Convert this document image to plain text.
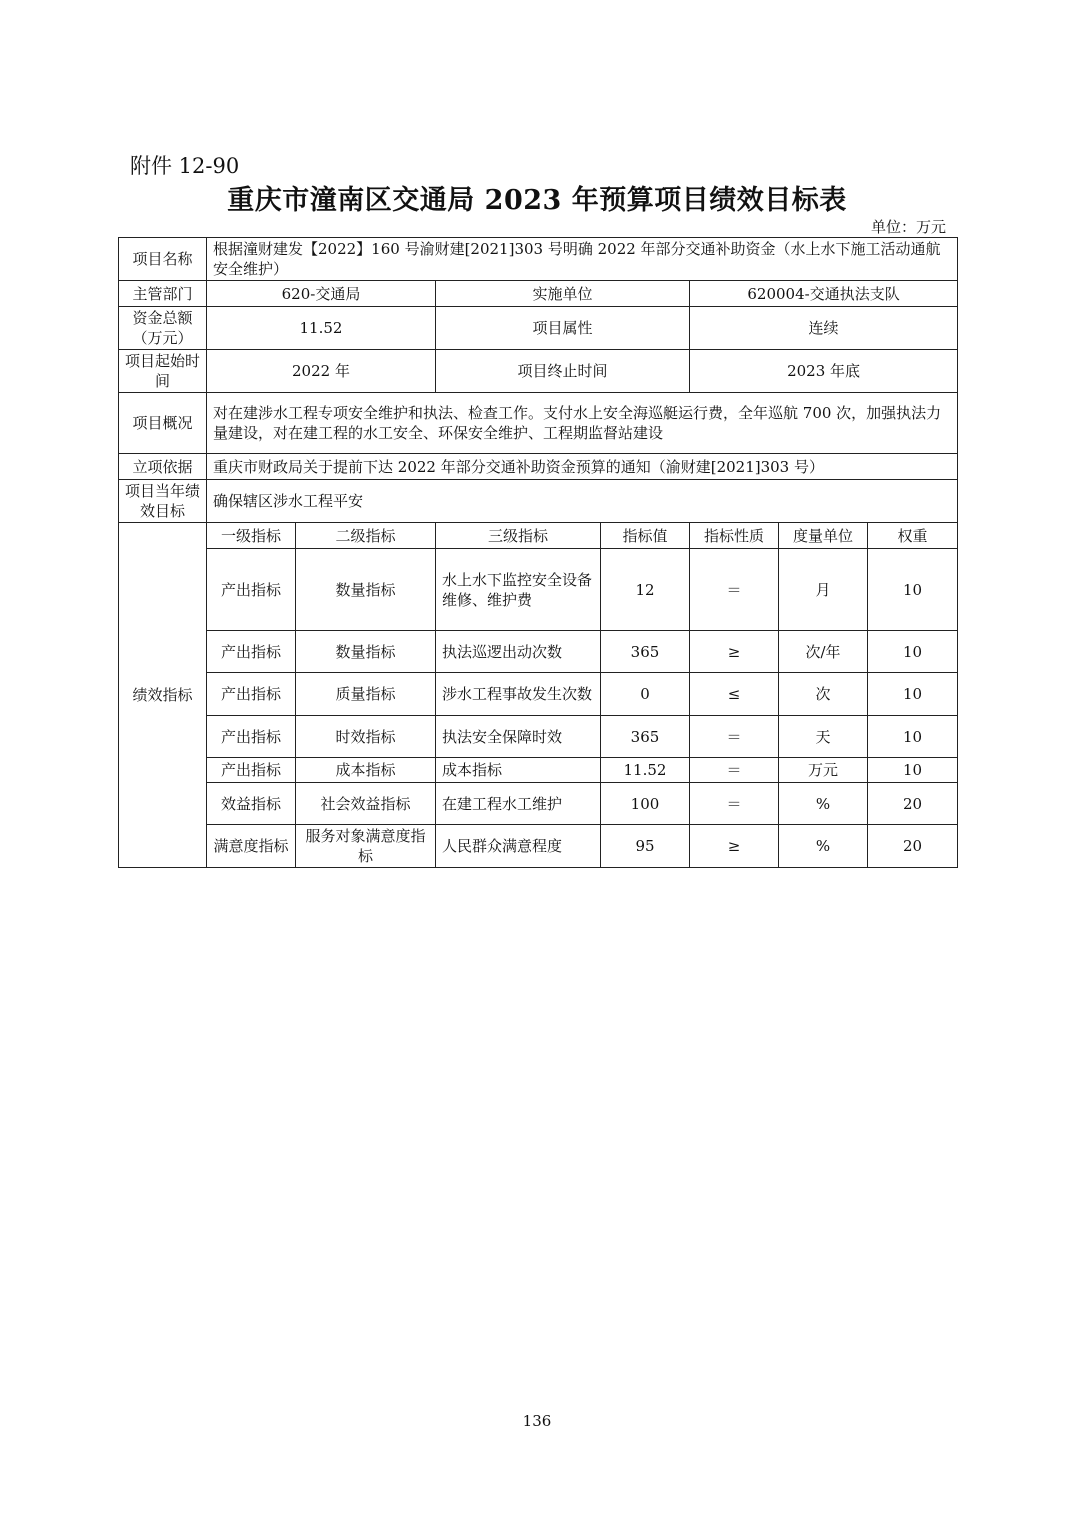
附件 12-90
重庆市潼南区交通局 2023 年预算项目绩效目标表
单位：万元
项目名称	根据潼财建发【2022】160 号渝财建[2021]303 号明确 2022 年部分交通补助资金（水上水下施工活动通航安全维护）						
主管部门	620-交通局		实施单位		620004-交通执法支队		
资金总额（万元）	11.52		项目属性		连续		
项目起始时间	2022 年		项目终止时间		2023 年底		
项目概况	对在建涉水工程专项安全维护和执法、检查工作。支付水上安全海巡艇运行费，全年巡航 700 次，加强执法力量建设，对在建工程的水工安全、环保安全维护、工程期监督站建设						
立项依据	重庆市财政局关于提前下达 2022 年部分交通补助资金预算的通知（渝财建[2021]303 号）						
项目当年绩效目标	确保辖区涉水工程平安						
绩效指标	一级指标	二级指标	三级指标	指标值	指标性质	度量单位	权重
	产出指标	数量指标	水上水下监控安全设备维修、维护费	12	＝	月	10
	产出指标	数量指标	执法巡逻出动次数	365	≥	次/年	10
	产出指标	质量指标	涉水工程事故发生次数	0	≤	次	10
	产出指标	时效指标	执法安全保障时效	365	＝	天	10
	产出指标	成本指标	成本指标	11.52	＝	万元	10
	效益指标	社会效益指标	在建工程水工维护	100	＝	%	20
	满意度指标	服务对象满意度指标	人民群众满意程度	95	≥	%	20
136
